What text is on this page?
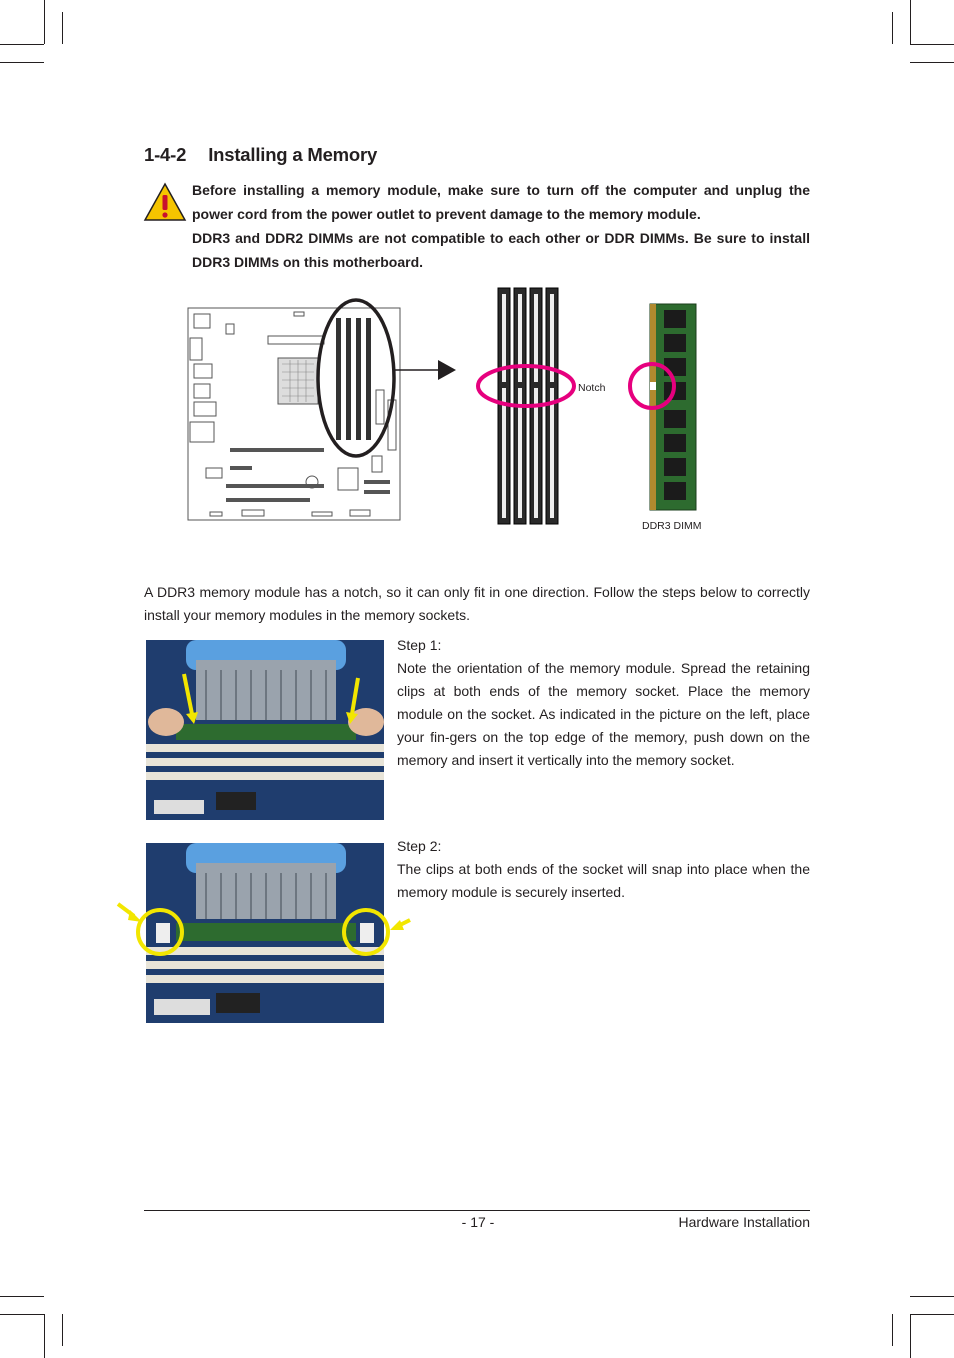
1-4-2 Installing a Memory

Before installing a memory module, make sure to turn off the computer and unplug the power cord from the power outlet to prevent damage to the memory module.

DDR3 and DDR2 DIMMs are not compatible to each other or DDR DIMMs. Be sure to install DDR3 DIMMs on this motherboard.

Notch
DDR3 DIMM
A DDR3 memory module has a notch, so it can only fit in one direction. Follow the steps below to correctly install your memory modules in the memory sockets.

Step 1:

Note the orientation of the memory module. Spread the retaining clips at both ends of the memory socket. Place the memory module on the socket. As indicated in the picture on the left, place your fin-gers on the top edge of the memory, push down on the memory and insert it vertically into the memory socket.

Step 2:

The clips at both ends of the socket will snap into place when the memory module is securely inserted.

- 17 -	Hardware Installation
